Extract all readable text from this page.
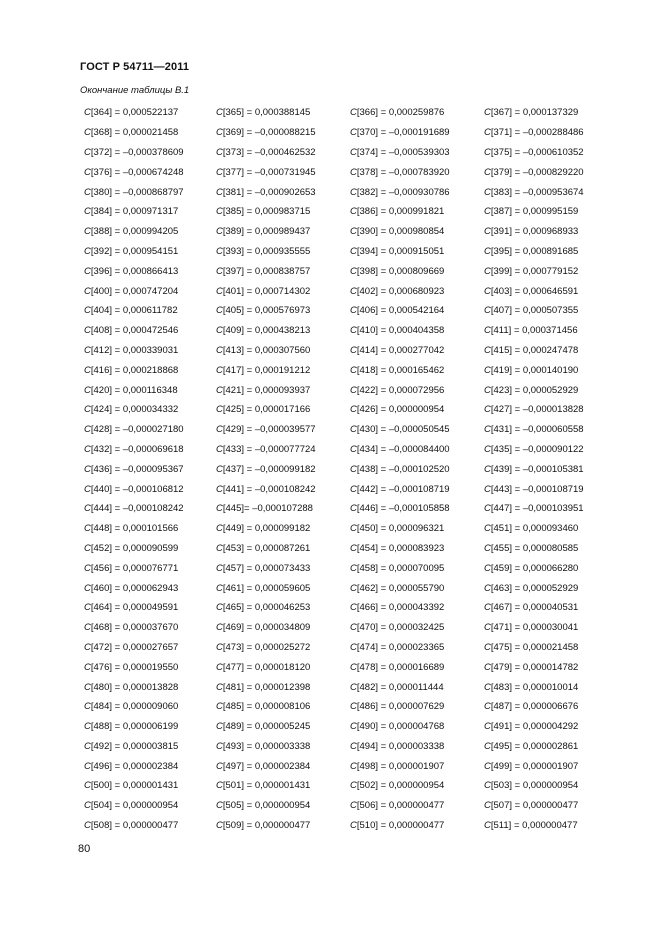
ГОСТ Р 54711—2011
Окончание таблицы В.1
C[364] = 0,000522137	C[365] = 0,000388145	C[366] = 0,000259876	C[367] = 0,000137329
C[368] = 0,000021458	C[369] = –0,000088215	C[370] = –0,000191689	C[371] = –0,000288486
C[372] = –0,000378609	C[373] = –0,000462532	C[374] = –0,000539303	C[375] = –0,000610352
C[376] = –0,000674248	C[377] = –0,000731945	C[378] = –0,000783920	C[379] = –0,000829220
C[380] = –0,000868797	C[381] = –0,000902653	C[382] = –0,000930786	C[383] = –0,000953674
C[384] = 0,000971317	C[385] = 0,000983715	C[386] = 0,000991821	C[387] = 0,000995159
C[388] = 0,000994205	C[389] = 0,000989437	C[390] = 0,000980854	C[391] = 0,000968933
C[392] = 0,000954151	C[393] = 0,000935555	C[394] = 0,000915051	C[395] = 0,000891685
C[396] = 0,000866413	C[397] = 0,000838757	C[398] = 0,000809669	C[399] = 0,000779152
C[400] = 0,000747204	C[401] = 0,000714302	C[402] = 0,000680923	C[403] = 0,000646591
C[404] = 0,000611782	C[405] = 0,000576973	C[406] = 0,000542164	C[407] = 0,000507355
C[408] = 0,000472546	C[409] = 0,000438213	C[410] = 0,000404358	C[411] = 0,000371456
C[412] = 0,000339031	C[413] = 0,000307560	C[414] = 0,000277042	C[415] = 0,000247478
C[416] = 0,000218868	C[417] = 0,000191212	C[418] = 0,000165462	C[419] = 0,000140190
C[420] = 0,000116348	C[421] = 0,000093937	C[422] = 0,000072956	C[423] = 0,000052929
C[424] = 0,000034332	C[425] = 0,000017166	C[426] = 0,000000954	C[427] = –0,000013828
C[428] = –0,000027180	C[429] = –0,000039577	C[430] = –0,000050545	C[431] = –0,000060558
C[432] = –0,000069618	C[433] = –0,000077724	C[434] = –0,000084400	C[435] = –0,000090122
C[436] = –0,000095367	C[437] = –0,000099182	C[438] = –0,000102520	C[439] = –0,000105381
C[440] = –0,000106812	C[441] = –0,000108242	C[442] = –0,000108719	C[443] = –0,000108719
C[444] = –0,000108242	C[445]= –0,000107288	C[446] = –0,000105858	C[447] = –0,000103951
C[448] = 0,000101566	C[449] = 0,000099182	C[450] = 0,000096321	C[451] = 0,000093460
C[452] = 0,000090599	C[453] = 0,000087261	C[454] = 0,000083923	C[455] = 0,000080585
C[456] = 0,000076771	C[457] = 0,000073433	C[458] = 0,000070095	C[459] = 0,000066280
C[460] = 0,000062943	C[461] = 0,000059605	C[462] = 0,000055790	C[463] = 0,000052929
C[464] = 0,000049591	C[465] = 0,000046253	C[466] = 0,000043392	C[467] = 0,000040531
C[468] = 0,000037670	C[469] = 0,000034809	C[470] = 0,000032425	C[471] = 0,000030041
C[472] = 0,000027657	C[473] = 0,000025272	C[474] = 0,000023365	C[475] = 0,000021458
C[476] = 0,000019550	C[477] = 0,000018120	C[478] = 0,000016689	C[479] = 0,000014782
C[480] = 0,000013828	C[481] = 0,000012398	C[482] = 0,000011444	C[483] = 0,000010014
C[484] = 0,000009060	C[485] = 0,000008106	C[486] = 0,000007629	C[487] = 0,000006676
C[488] = 0,000006199	C[489] = 0,000005245	C[490] = 0,000004768	C[491] = 0,000004292
C[492] = 0,000003815	C[493] = 0,000003338	C[494] = 0,000003338	C[495] = 0,000002861
C[496] = 0,000002384	C[497] = 0,000002384	C[498] = 0,000001907	C[499] = 0,000001907
C[500] = 0,000001431	C[501] = 0,000001431	C[502] = 0,000000954	C[503] = 0,000000954
C[504] = 0,000000954	C[505] = 0,000000954	C[506] = 0,000000477	C[507] = 0,000000477
C[508] = 0,000000477	C[509] = 0,000000477	C[510] = 0,000000477	C[511] = 0,000000477
80
